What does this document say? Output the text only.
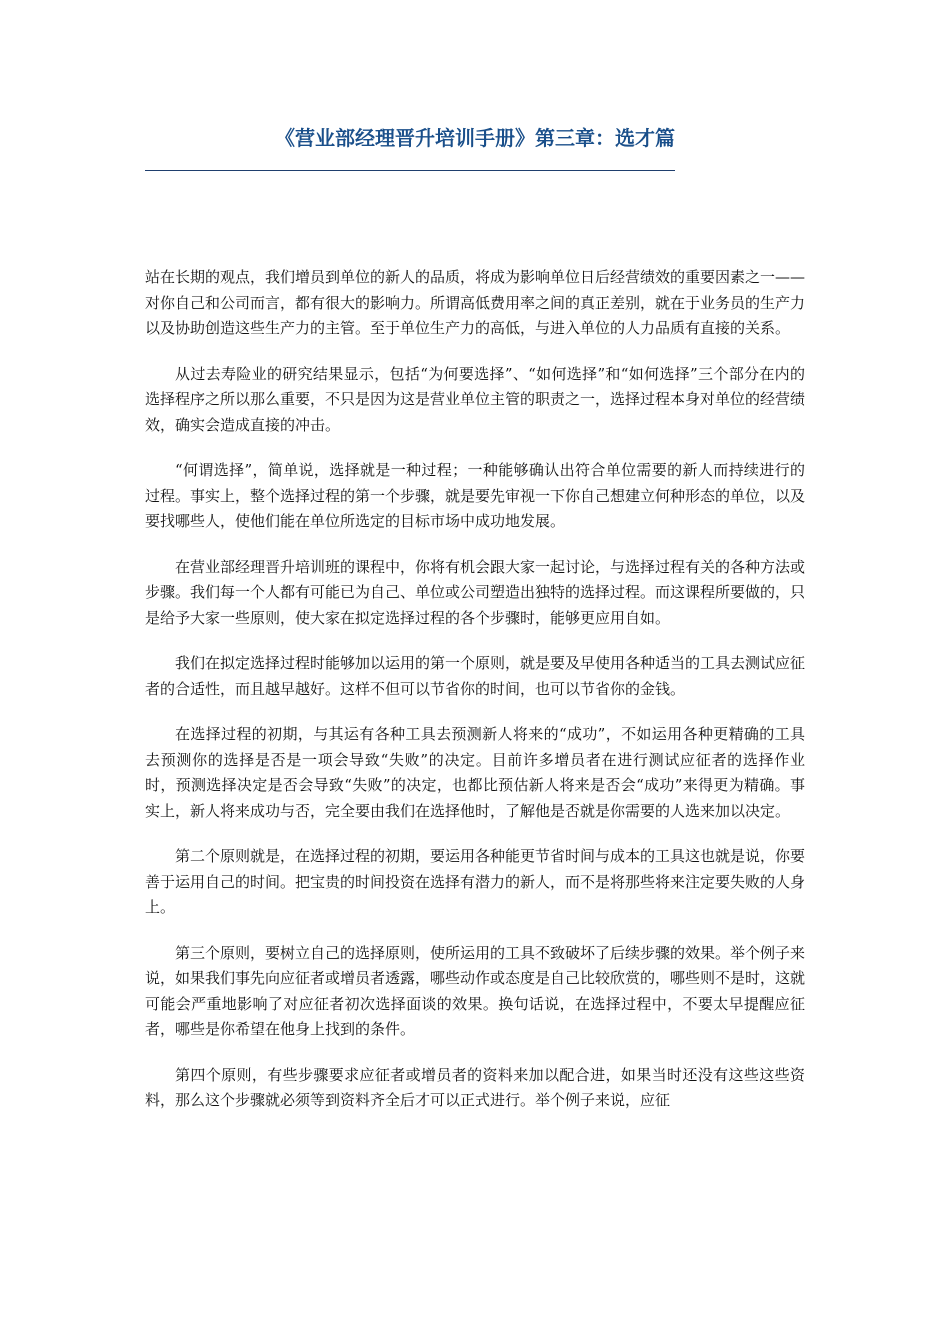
《营业部经理晋升培训手册》第三章：选才篇

站在长期的观点，我们增员到单位的新人的品质，将成为影响单位日后经营绩效的重要因素之一——对你自己和公司而言，都有很大的影响力。所谓高低费用率之间的真正差别，就在于业务员的生产力以及协助创造这些生产力的主管。至于单位生产力的高低，与进入单位的人力品质有直接的关系。

从过去寿险业的研究结果显示，包括“为何要选择”、“如何选择”和“如何选择”三个部分在内的选择程序之所以那么重要，不只是因为这是营业单位主管的职责之一，选择过程本身对单位的经营绩效，确实会造成直接的冲击。

“何谓选择”，简单说，选择就是一种过程；一种能够确认出符合单位需要的新人而持续进行的过程。事实上，整个选择过程的第一个步骤，就是要先审视一下你自己想建立何种形态的单位，以及要找哪些人，使他们能在单位所选定的目标市场中成功地发展。

在营业部经理晋升培训班的课程中，你将有机会跟大家一起讨论，与选择过程有关的各种方法或步骤。我们每一个人都有可能已为自己、单位或公司塑造出独特的选择过程。而这课程所要做的，只是给予大家一些原则，使大家在拟定选择过程的各个步骤时，能够更应用自如。

我们在拟定选择过程时能够加以运用的第一个原则，就是要及早使用各种适当的工具去测试应征者的合适性，而且越早越好。这样不但可以节省你的时间，也可以节省你的金钱。

在选择过程的初期，与其运有各种工具去预测新人将来的“成功”，不如运用各种更精确的工具去预测你的选择是否是一项会导致“失败”的决定。目前许多增员者在进行测试应征者的选择作业时，预测选择决定是否会导致“失败”的决定，也都比预估新人将来是否会“成功”来得更为精确。事实上，新人将来成功与否，完全要由我们在选择他时，了解他是否就是你需要的人选来加以决定。

第二个原则就是，在选择过程的初期，要运用各种能更节省时间与成本的工具这也就是说，你要善于运用自己的时间。把宝贵的时间投资在选择有潜力的新人，而不是将那些将来注定要失败的人身上。

第三个原则，要树立自己的选择原则，使所运用的工具不致破坏了后续步骤的效果。举个例子来说，如果我们事先向应征者或增员者透露，哪些动作或态度是自己比较欣赏的，哪些则不是时，这就可能会严重地影响了对应征者初次选择面谈的效果。换句话说，在选择过程中，不要太早提醒应征者，哪些是你希望在他身上找到的条件。

第四个原则，有些步骤要求应征者或增员者的资料来加以配合进，如果当时还没有这些这些资料，那么这个步骤就必须等到资料齐全后才可以正式进行。举个例子来说，应征
